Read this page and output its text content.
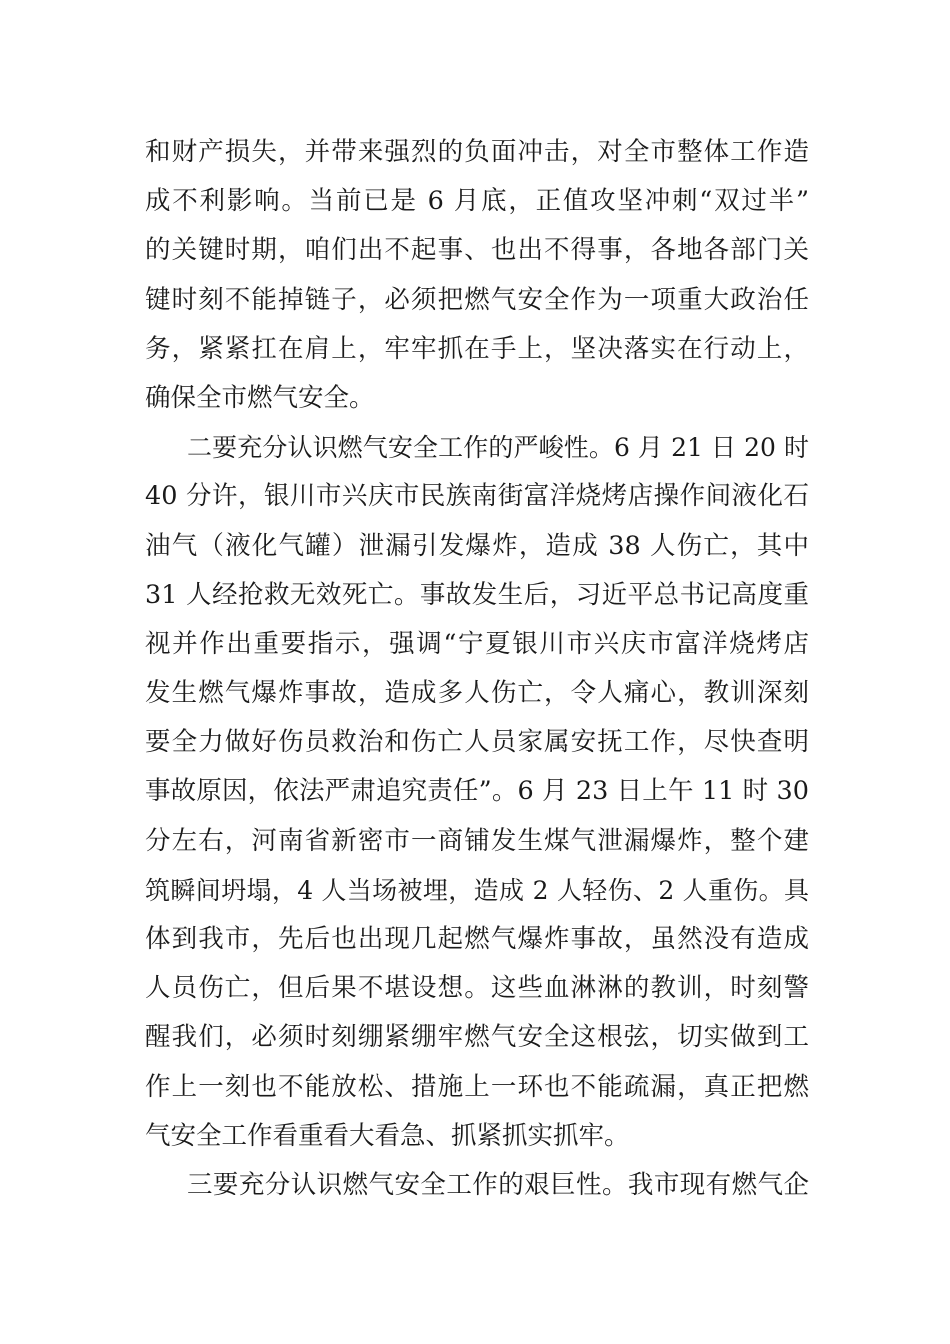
和财产损失，并带来强烈的负面冲击，对全市整体工作造
成不利影响。当前已是 6 月底，正值攻坚冲刺“双过半”
的关键时期，咱们出不起事、也出不得事，各地各部门关
键时刻不能掉链子，必须把燃气安全作为一项重大政治任
务，紧紧扛在肩上，牢牢抓在手上，坚决落实在行动上，
确保全市燃气安全。
二要充分认识燃气安全工作的严峻性。6 月 21 日 20 时
40 分许，银川市兴庆市民族南街富洋烧烤店操作间液化石
油气（液化气罐）泄漏引发爆炸，造成 38 人伤亡，其中
31 人经抢救无效死亡。事故发生后，习近平总书记高度重
视并作出重要指示，强调“宁夏银川市兴庆市富洋烧烤店
发生燃气爆炸事故，造成多人伤亡，令人痛心，教训深刻
要全力做好伤员救治和伤亡人员家属安抚工作，尽快查明
事故原因，依法严肃追究责任”。6 月 23 日上午 11 时 30
分左右，河南省新密市一商铺发生煤气泄漏爆炸，整个建
筑瞬间坍塌，4 人当场被埋，造成 2 人轻伤、2 人重伤。具
体到我市，先后也出现几起燃气爆炸事故，虽然没有造成
人员伤亡，但后果不堪设想。这些血淋淋的教训，时刻警
醒我们，必须时刻绷紧绷牢燃气安全这根弦，切实做到工
作上一刻也不能放松、措施上一环也不能疏漏，真正把燃
气安全工作看重看大看急、抓紧抓实抓牢。
三要充分认识燃气安全工作的艰巨性。我市现有燃气企
